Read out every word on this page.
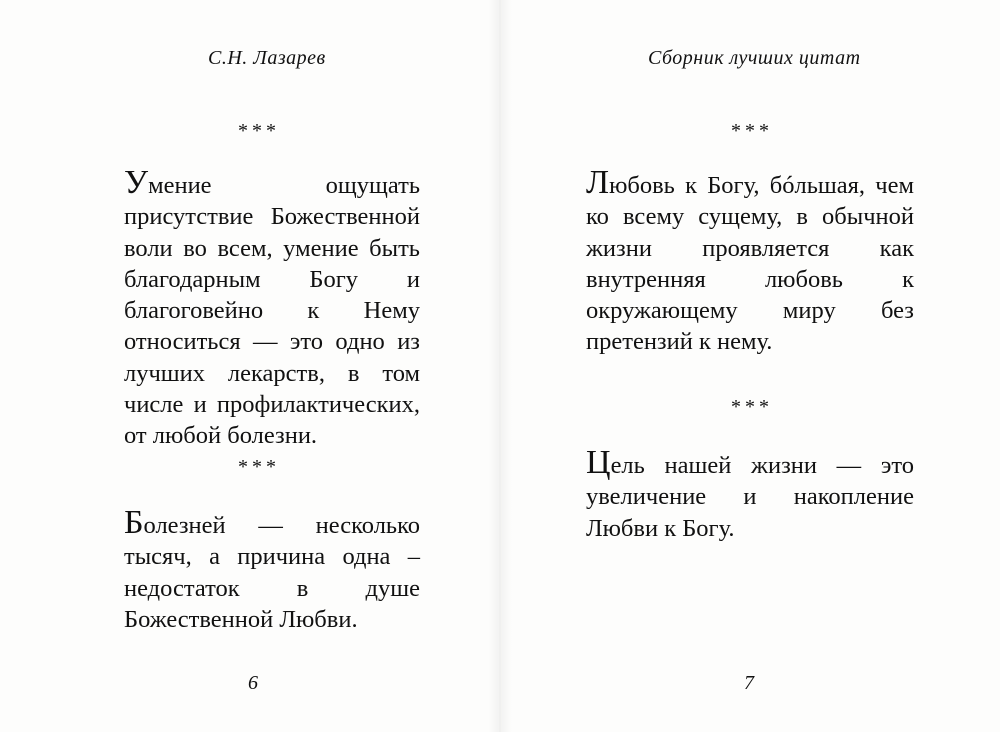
С.Н. Лазарев
***
Умение ощущать присутствие Божественной воли во всем, умение быть благодарным Богу и благоговейно к Нему относиться — это одно из лучших лекарств, в том числе и профилактических, от любой болезни.
***
Болезней — несколько тысяч, а причина одна – недостаток в душе Божественной Любви.
6
Сборник лучших цитат
***
Любовь к Богу, бóльшая, чем ко всему сущему, в обычной жизни проявляется как внутренняя любовь к окружающему миру без претензий к нему.
***
Цель нашей жизни — это увеличение и накопление Любви к Богу.
7
